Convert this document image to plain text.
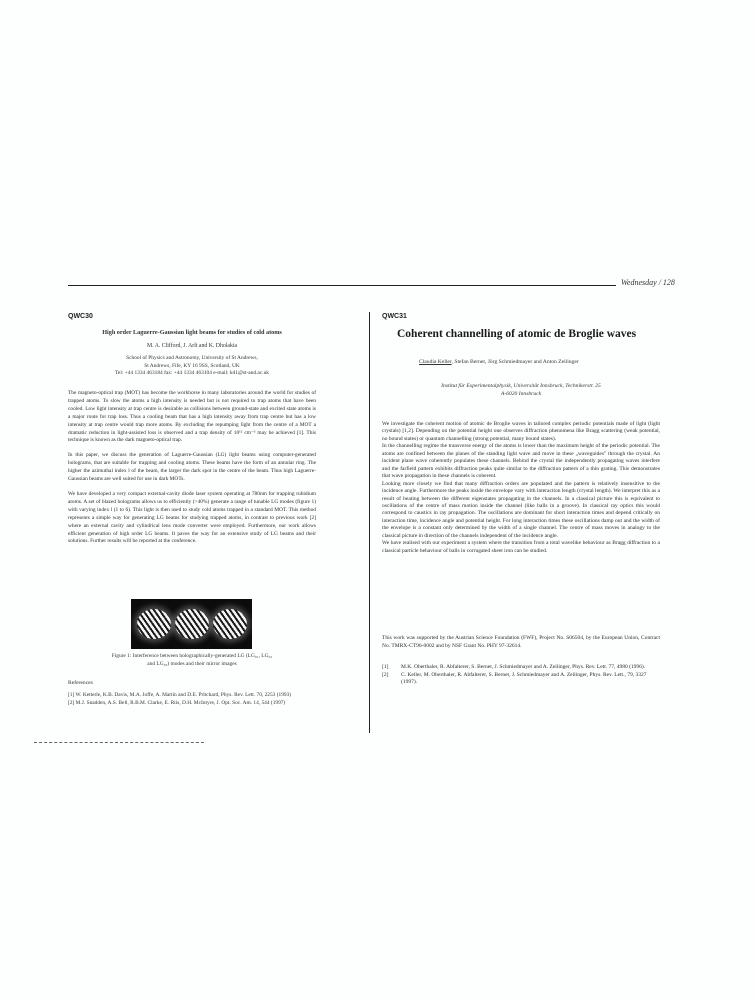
Wednesday / 128
QWC30
High order Laguerre-Gaussian light beams for studies of cold atoms
M. A. Clifford, J. Arlt and K. Dholakia
School of Physics and Astronomy, University of St Andrews,
St Andrews, Fife, KY 16 9SS, Scotland, UK
Tel: +44 1334 463184 fax: +44 1334 463104 e-mail: kd1@st-and.ac.uk

The magneto-optical trap (MOT) has become the workhorse in many laboratories around the world for studies of trapped atoms. To slow the atoms a high intensity is needed but is not required to trap atoms that have been cooled. Low light intensity at trap centre is desirable as collisions between ground-state and excited state atoms is a major route for trap loss. Thus a cooling beam that has a high intensity away from trap centre but has a low intensity at trap centre would trap more atoms. By excluding the repumping light from the centre of a MOT a dramatic reduction in light-assisted loss is observed and a trap density of 10¹² cm⁻³ may be achieved [1]. This technique is known as the dark magneto-optical trap.

In this paper, we discuss the generation of Laguerre-Gaussian (LG) light beams using computer-generated holograms, that are suitable for trapping and cooling atoms. These beams have the form of an annular ring. The higher the azimuthal index l of the beam, the larger the dark spot in the centre of the beam. Thus high Laguerre-Gaussian beams are well suited for use in dark MOTs.

We have developed a very compact external-cavity diode laser system operating at 780nm for trapping rubidium atoms. A set of blazed holograms allows us to efficiently (>40%) generate a range of tunable LG modes (figure 1) with varying index l (1 to 6). This light is then used to study cold atoms trapped in a standard MOT. This method represents a simple way for generating LG beams for studying trapped atoms, in contrast to previous work [2] where an external cavity and cylindrical lens mode converter were employed. Furthermore, our work allows efficient generation of high order LG beams. It paves the way for an extensive study of LG beams and their solutions. Further results will be reported at the conference.

Figure 1: Interference between holographically-generated LG (LG₀₁, LG₀₂
and LG₀₃) modes and their mirror images
References
[1] W. Ketterle, K.B. Davis, M.A. Joffe, A. Martin and D.E. Pritchard, Phys. Rev. Lett. 70, 2253 (1993)
[2] M.J. Snadden, A.S. Bell, R.B.M. Clarke, E. Riis, D.H. McIntyre, J. Opt. Soc. Am. 14, 544 (1997)
QWC31
Coherent channelling of atomic de Broglie waves
Claudia Keller, Stefan Bernet, Jörg Schmiedmayer and Anton Zeilinger
Institut für Experimentalphysik, Universität Innsbruck, Technikerstr. 25
A-6020 Innsbruck

We investigate the coherent motion of atomic de Broglie waves in tailored complex periodic potentials made of light (light crystals) [1,2]. Depending on the potential height one observes diffraction phenomena like Bragg scattering (weak potential, no bound states) or quantum channelling (strong potential, many bound states).

In the channelling regime the transverse energy of the atoms is lower than the maximum height of the periodic potential. The atoms are confined between the planes of the standing light wave and move in these „waveguides" through the crystal. An incident plane wave coherently populates these channels. Behind the crystal the independently propagating waves interfere and the farfield pattern exhibits diffraction peaks quite similar to the diffraction pattern of a thin grating. This demonstrates that wave propagation in these channels is coherent.

Looking more closely we find that many diffraction orders are populated and the pattern is relatively insensitive to the incidence angle. Furthermore the peaks inside the envelope vary with interaction length (crystal length). We interpret this as a result of beating between the different eigenstates propagating in the channels. In a classical picture this is equivalent to oscillations of the centre of mass motion inside the channel (like balls in a groove). In classical ray optics this would correspond to caustics in ray propagation. The oscillations are dominant for short interaction times and depend critically on interaction time, incidence angle and potential height. For long interaction times these oscillations damp out and the width of the envelope is a constant only determined by the width of a single channel. The centre of mass moves in analogy to the classical picture in direction of the channels independent of the incidence angle.

We have realised with our experiment a system where the transition from a total wavelike behaviour as Bragg diffraction to a classical particle behaviour of balls in corrugated sheet iron can be studied.

This work was supported by the Austrian Science Foundation (FWF), Project No. S06504, by the European Union, Contract No. TMRX-CT96-0002 and by NSF Grant No. PHY 97-32614.
[1]	M.K. Oberthaler, R. Abfalterer, S. Bernet, J. Schmiedmayer and A. Zeilinger, Phys. Rev. Lett. 77, 4980 (1996).
[2]	C. Keller, M. Oberthaler, R. Abfalterer, S. Bernet, J. Schmiedmayer and A. Zeilinger, Phys. Rev. Lett., 79, 3327 (1997).
